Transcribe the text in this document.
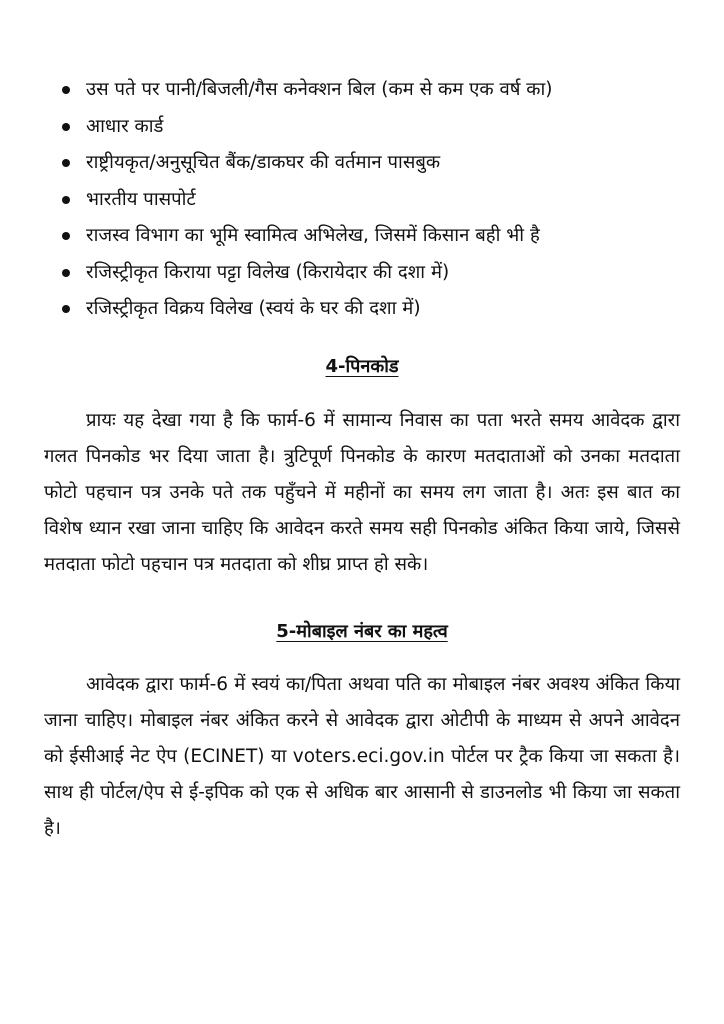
उस पते पर पानी/बिजली/गैस कनेक्शन बिल (कम से कम एक वर्ष का)
आधार कार्ड
राष्ट्रीयकृत/अनुसूचित बैंक/डाकघर की वर्तमान पासबुक
भारतीय पासपोर्ट
राजस्व विभाग का भूमि स्वामित्व अभिलेख, जिसमें किसान बही भी है
रजिस्ट्रीकृत किराया पट्टा विलेख (किरायेदार की दशा में)
रजिस्ट्रीकृत विक्रय विलेख (स्वयं के घर की दशा में)
4-पिनकोड

प्रायः यह देखा गया है कि फार्म-6 में सामान्य निवास का पता भरते समय आवेदक द्वारा गलत पिनकोड भर दिया जाता है। त्रुटिपूर्ण पिनकोड के कारण मतदाताओं को उनका मतदाता फोटो पहचान पत्र उनके पते तक पहुँचने में महीनों का समय लग जाता है। अतः इस बात का विशेष ध्यान रखा जाना चाहिए कि आवेदन करते समय सही पिनकोड अंकित किया जाये, जिससे मतदाता फोटो पहचान पत्र मतदाता को शीघ्र प्राप्त हो सके।

5-मोबाइल नंबर का महत्व

आवेदक द्वारा फार्म-6 में स्वयं का/पिता अथवा पति का मोबाइल नंबर अवश्य अंकित किया जाना चाहिए। मोबाइल नंबर अंकित करने से आवेदक द्वारा ओटीपी के माध्यम से अपने आवेदन को ईसीआई नेट ऐप (ECINET) या voters.eci.gov.in पोर्टल पर ट्रैक किया जा सकता है। साथ ही पोर्टल/ऐप से ई-इपिक को एक से अधिक बार आसानी से डाउनलोड भी किया जा सकता है।
